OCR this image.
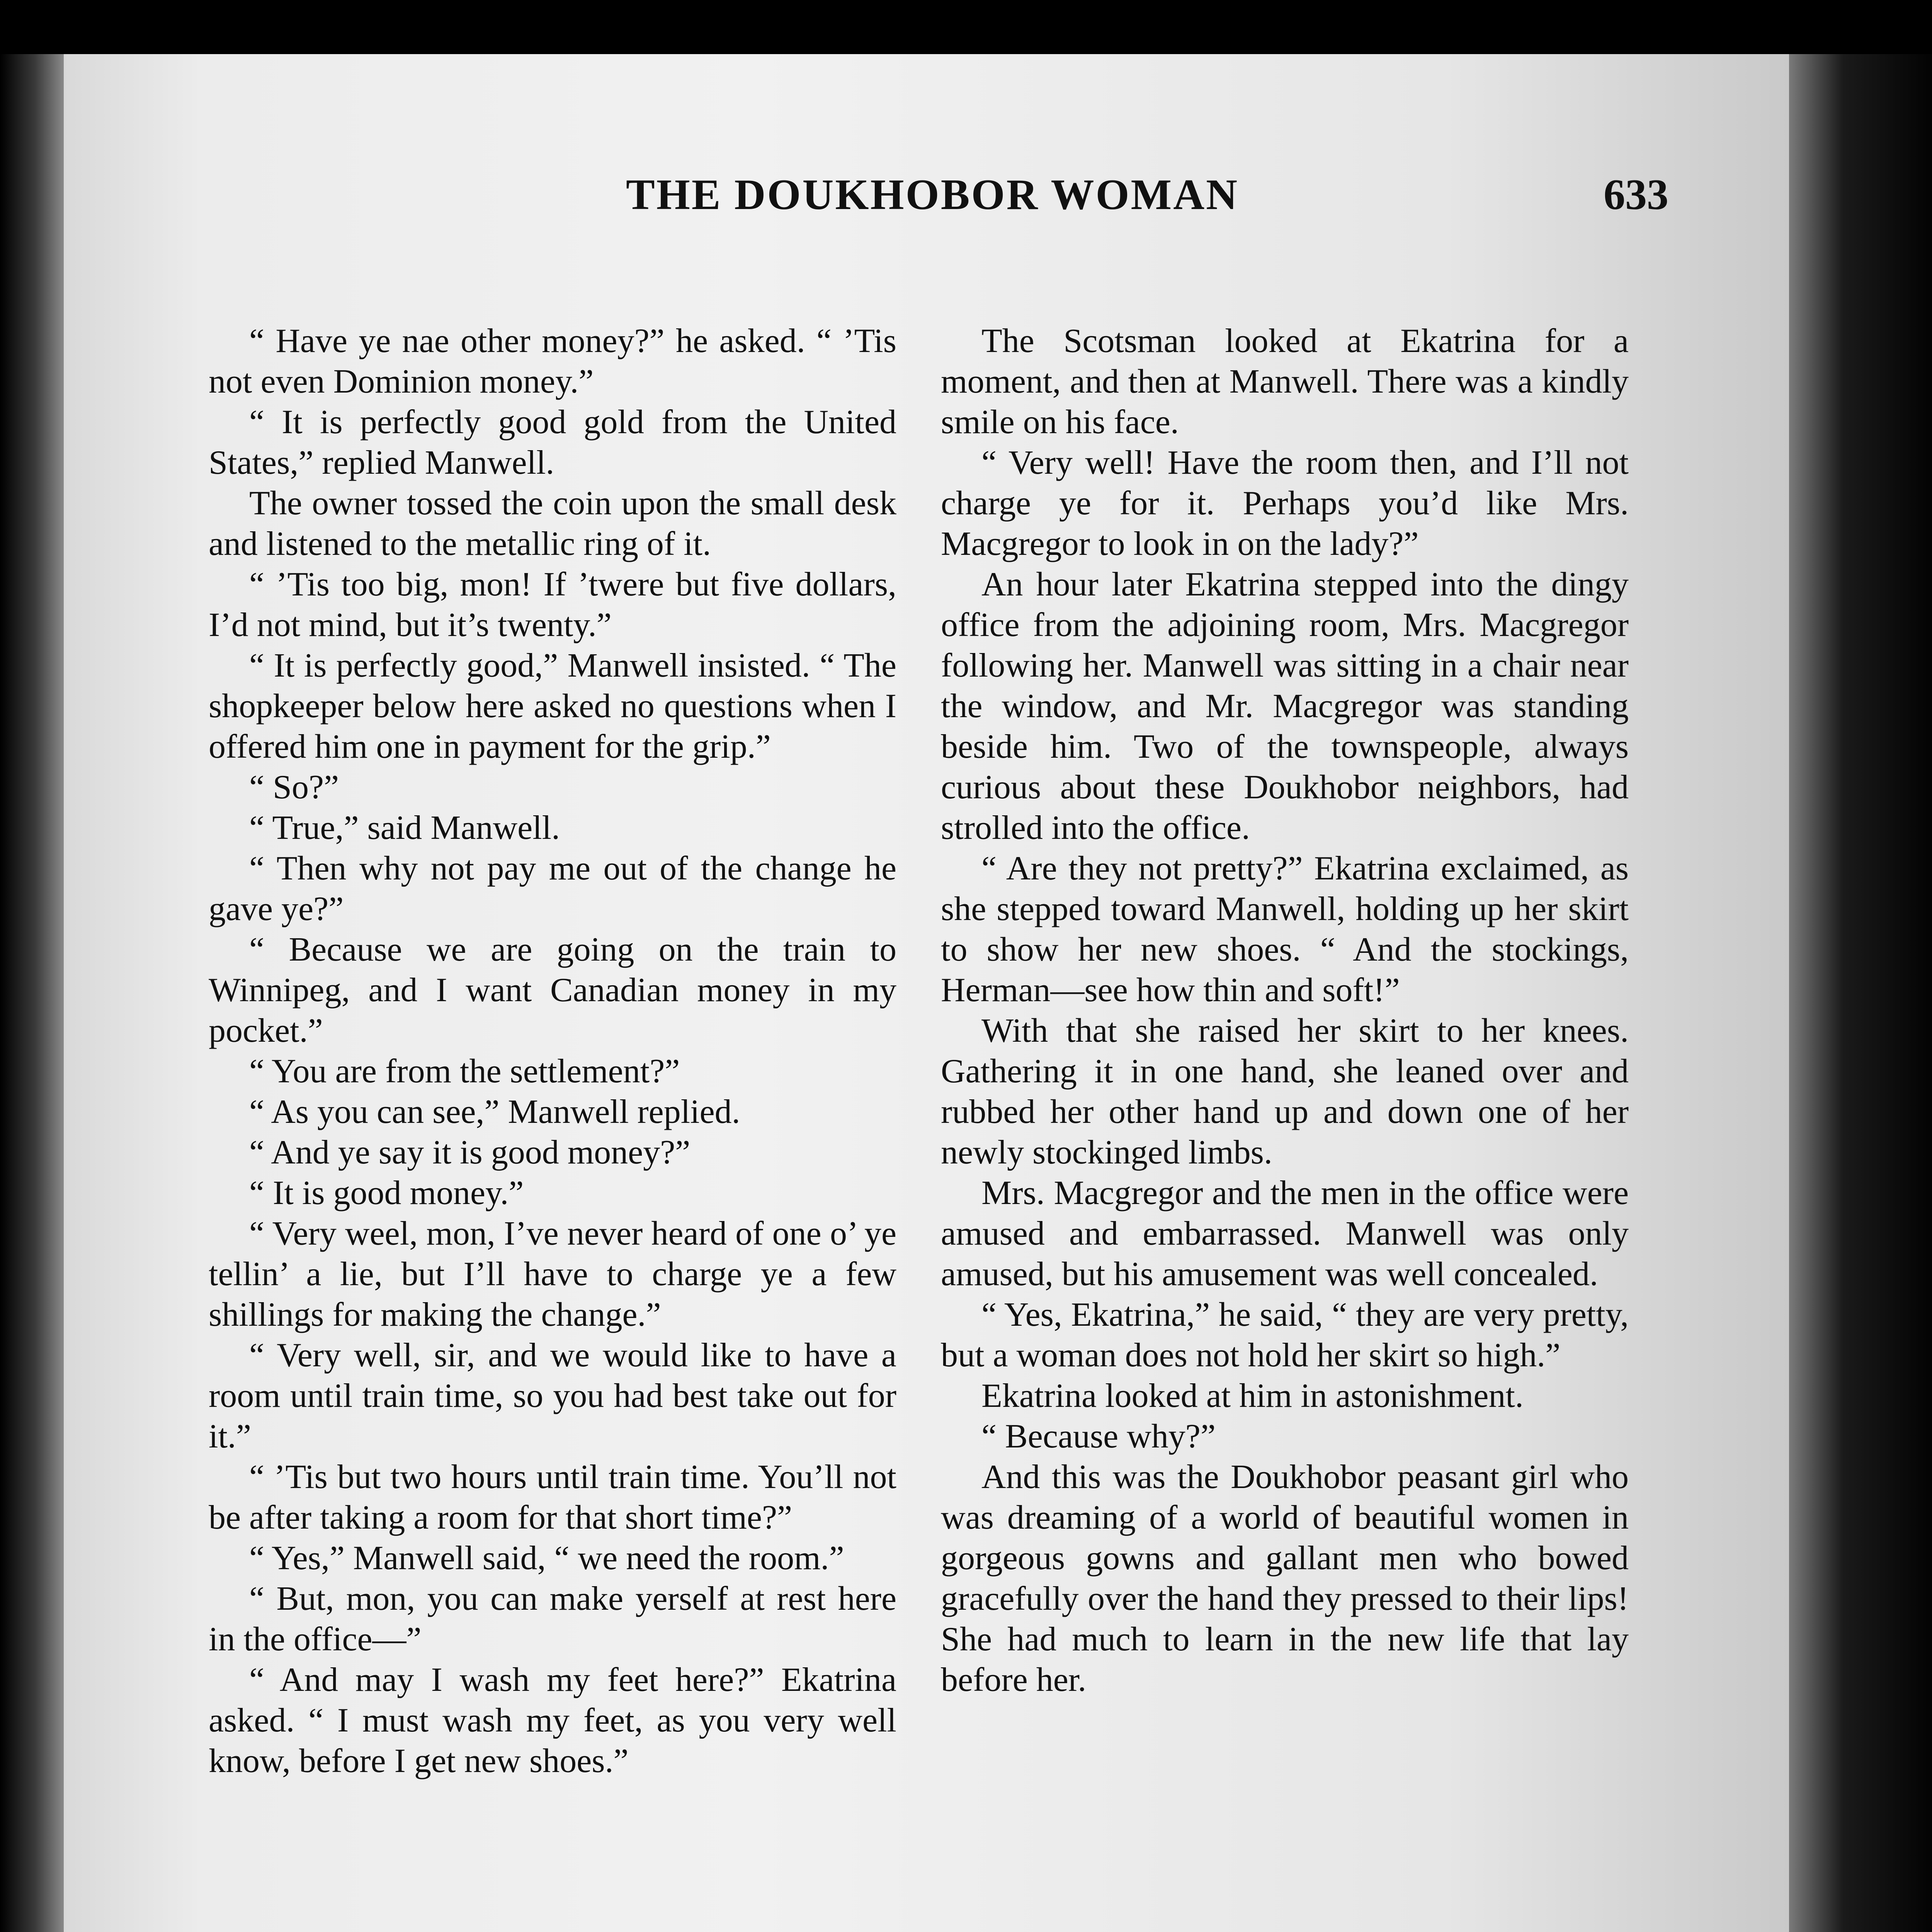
THE DOUKHOBOR WOMAN	633

“ Have ye nae other money?” he asked. “ ’Tis not even Dominion money.”

“ It is perfectly good gold from the United States,” replied Manwell.

The owner tossed the coin upon the small desk and listened to the metallic ring of it.

“ ’Tis too big, mon! If ’twere but five dollars, I’d not mind, but it’s twenty.”

“ It is perfectly good,” Manwell insisted. “ The shopkeeper below here asked no questions when I offered him one in payment for the grip.”

“ So?”

“ True,” said Manwell.

“ Then why not pay me out of the change he gave ye?”

“ Because we are going on the train to Winnipeg, and I want Canadian money in my pocket.”

“ You are from the settlement?”

“ As you can see,” Manwell replied.

“ And ye say it is good money?”

“ It is good money.”

“ Very weel, mon, I’ve never heard of one o’ ye tellin’ a lie, but I’ll have to charge ye a few shillings for making the change.”

“ Very well, sir, and we would like to have a room until train time, so you had best take out for it.”

“ ’Tis but two hours until train time. You’ll not be after taking a room for that short time?”

“ Yes,” Manwell said, “ we need the room.”

“ But, mon, you can make yerself at rest here in the office—”

“ And may I wash my feet here?” Ekatrina asked. “ I must wash my feet, as you very well know, before I get new shoes.”

The Scotsman looked at Ekatrina for a moment, and then at Manwell. There was a kindly smile on his face.

“ Very well! Have the room then, and I’ll not charge ye for it. Perhaps you’d like Mrs. Macgregor to look in on the lady?”

An hour later Ekatrina stepped into the dingy office from the adjoining room, Mrs. Macgregor following her. Manwell was sitting in a chair near the window, and Mr. Macgregor was standing beside him. Two of the townspeople, always curious about these Doukhobor neighbors, had strolled into the office.

“ Are they not pretty?” Ekatrina exclaimed, as she stepped toward Manwell, holding up her skirt to show her new shoes. “ And the stockings, Herman—see how thin and soft!”

With that she raised her skirt to her knees. Gathering it in one hand, she leaned over and rubbed her other hand up and down one of her newly stockinged limbs.

Mrs. Macgregor and the men in the office were amused and embarrassed. Manwell was only amused, but his amusement was well concealed.

“ Yes, Ekatrina,” he said, “ they are very pretty, but a woman does not hold her skirt so high.”

Ekatrina looked at him in astonishment.

“ Because why?”

And this was the Doukhobor peasant girl who was dreaming of a world of beautiful women in gorgeous gowns and gallant men who bowed gracefully over the hand they pressed to their lips! She had much to learn in the new life that lay before her.
